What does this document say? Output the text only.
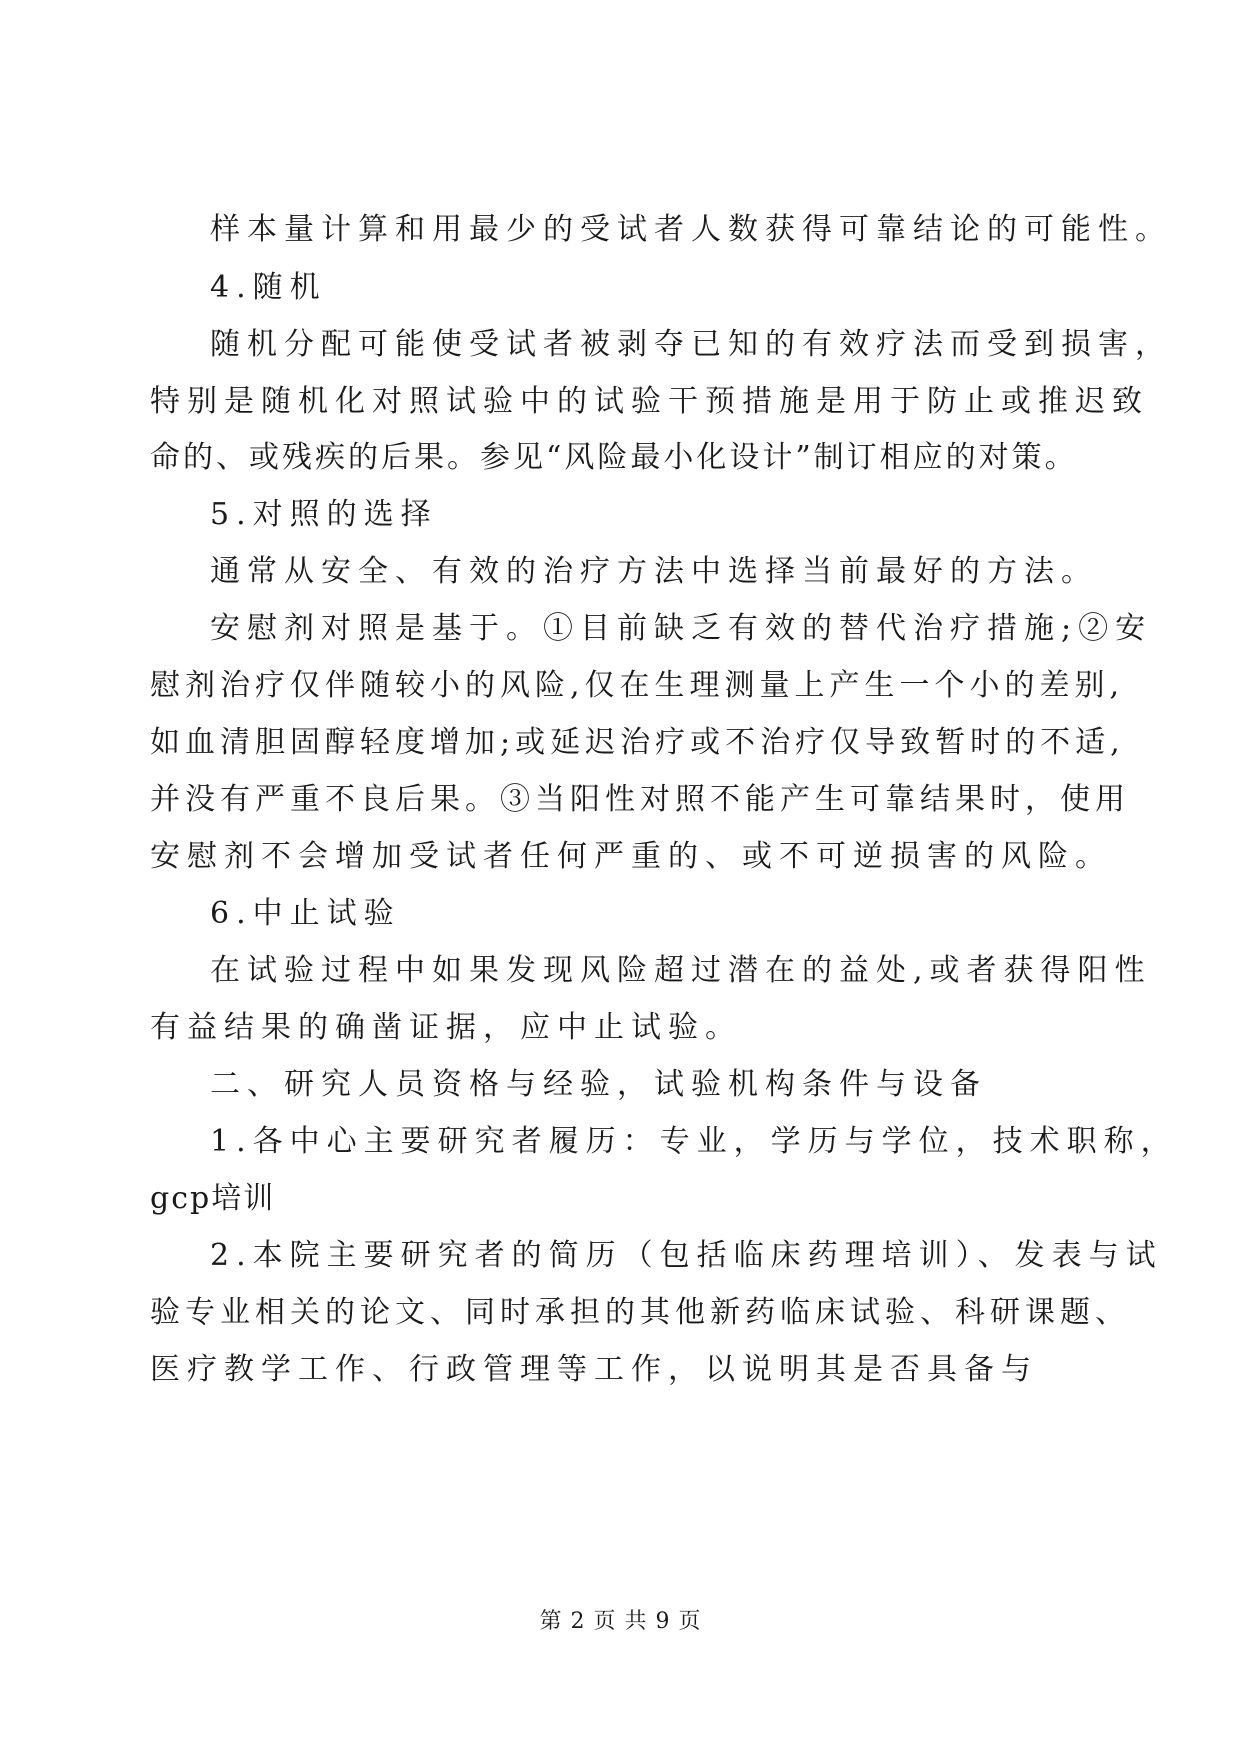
样本量计算和用最少的受试者人数获得可靠结论的可能性。

4.随机

随机分配可能使受试者被剥夺已知的有效疗法而受到损害，

特别是随机化对照试验中的试验干预措施是用于防止或推迟致

命的、或残疾的后果。参见“风险最小化设计”制订相应的对策。

5.对照的选择

通常从安全、有效的治疗方法中选择当前最好的方法。

安慰剂对照是基于。①目前缺乏有效的替代治疗措施;②安

慰剂治疗仅伴随较小的风险,仅在生理测量上产生一个小的差别,

如血清胆固醇轻度增加;或延迟治疗或不治疗仅导致暂时的不适,

并没有严重不良后果。③当阳性对照不能产生可靠结果时，使用

安慰剂不会增加受试者任何严重的、或不可逆损害的风险。

6.中止试验

在试验过程中如果发现风险超过潜在的益处,或者获得阳性

有益结果的确凿证据，应中止试验。

二、研究人员资格与经验，试验机构条件与设备

1.各中心主要研究者履历：专业，学历与学位，技术职称，

gcp培训

2.本院主要研究者的简历（包括临床药理培训）、发表与试

验专业相关的论文、同时承担的其他新药临床试验、科研课题、

医疗教学工作、行政管理等工作，以说明其是否具备与

第 2 页 共 9 页
